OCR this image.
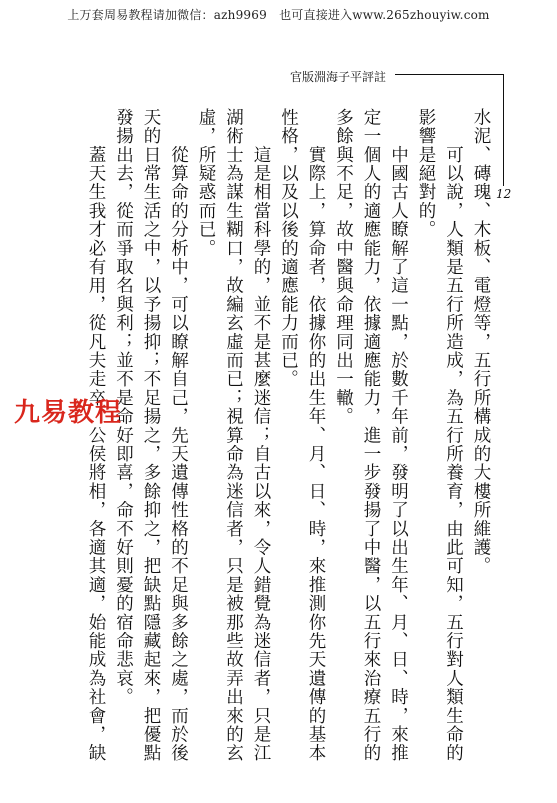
上万套周易教程请加微信：azh9969　也可直接进入www.265zhouyiw.com
官版淵海子平評註
12
水泥、磚瑰、木板、電燈等，五行所構成的大樓所維護。
　　可以說，人類是五行所造成，為五行所養育，由此可知，五行對人類生命的
影響是絕對的。
　　中國古人瞭解了這一點，於數千年前，發明了以出生年、月、日、時，來推
定一個人的適應能力，依據適應能力，進一步發揚了中醫，以五行來治療五行的
多餘與不足，故中醫與命理同出一轍。
　　實際上，算命者，依據你的出生年、月、日、時，來推測你先天遺傳的基本
性格，以及以後的適應能力而已。
　　這是相當科學的，並不是甚麼迷信；自古以來，令人錯覺為迷信者，只是江
湖術士為謀生糊口，故編玄虛而已；視算命為迷信者，只是被那些故弄出來的玄
虛，所疑惑而已。
　　從算命的分析中，可以瞭解自己，先天遺傳性格的不足與多餘之處，而於後
天的日常生活之中，以予揚抑；不足揚之，多餘抑之，把缺點隱藏起來，把優點
發揚出去，從而爭取名與利；並不是命好即喜，命不好則憂的宿命悲哀。
　　蓋天生我才必有用，從凡夫走卒、公侯將相，各適其適，始能成為社會，缺
九易教程
